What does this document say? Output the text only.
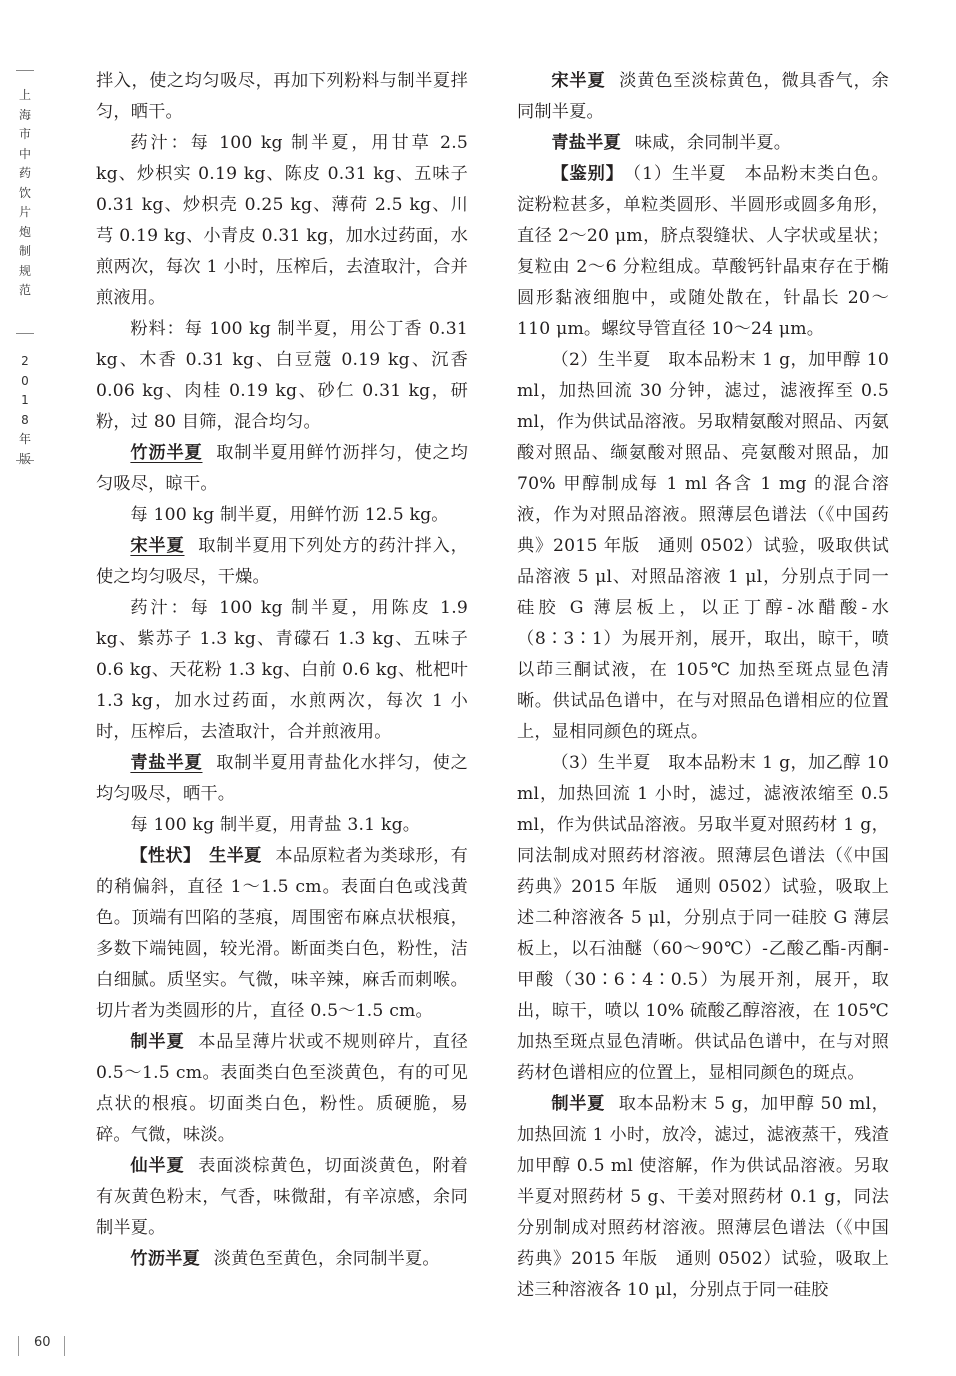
上
海
市
中
药
饮
片
炮
制
规
范
2
0
1
8
年
版

拌入，使之均匀吸尽，再加下列粉料与制半夏拌匀，晒干。

药汁：每 100 kg 制半夏，用甘草 2.5 kg、炒枳实 0.19 kg、陈皮 0.31 kg、五味子 0.31 kg、炒枳壳 0.25 kg、薄荷 2.5 kg、川芎 0.19 kg、小青皮 0.31 kg，加水过药面，水煎两次，每次 1 小时，压榨后，去渣取汁，合并煎液用。

粉料：每 100 kg 制半夏，用公丁香 0.31 kg、木香 0.31 kg、白豆蔻 0.19 kg、沉香 0.06 kg、肉桂 0.19 kg、砂仁 0.31 kg，研粉，过 80 目筛，混合均匀。

竹沥半夏 取制半夏用鲜竹沥拌匀，使之均匀吸尽，晾干。

每 100 kg 制半夏，用鲜竹沥 12.5 kg。

宋半夏 取制半夏用下列处方的药汁拌入，使之均匀吸尽，干燥。

药汁：每 100 kg 制半夏，用陈皮 1.9 kg、紫苏子 1.3 kg、青礞石 1.3 kg、五味子 0.6 kg、天花粉 1.3 kg、白前 0.6 kg、枇杷叶 1.3 kg，加水过药面，水煎两次，每次 1 小时，压榨后，去渣取汁，合并煎液用。

青盐半夏 取制半夏用青盐化水拌匀，使之均匀吸尽，晒干。

每 100 kg 制半夏，用青盐 3.1 kg。

【性状】 生半夏 本品原粒者为类球形，有的稍偏斜，直径 1～1.5 cm。表面白色或浅黄色。顶端有凹陷的茎痕，周围密布麻点状根痕，多数下端钝圆，较光滑。断面类白色，粉性，洁白细腻。质坚实。气微，味辛辣，麻舌而刺喉。切片者为类圆形的片，直径 0.5～1.5 cm。

制半夏 本品呈薄片状或不规则碎片，直径 0.5～1.5 cm。表面类白色至淡黄色，有的可见点状的根痕。切面类白色，粉性。质硬脆，易碎。气微，味淡。

仙半夏 表面淡棕黄色，切面淡黄色，附着有灰黄色粉末，气香，味微甜，有辛凉感，余同制半夏。

竹沥半夏 淡黄色至黄色，余同制半夏。

宋半夏 淡黄色至淡棕黄色，微具香气，余同制半夏。

青盐半夏 味咸，余同制半夏。

【鉴别】 （1）生半夏　本品粉末类白色。淀粉粒甚多，单粒类圆形、半圆形或圆多角形，直径 2～20 μm，脐点裂缝状、人字状或星状；复粒由 2～6 分粒组成。草酸钙针晶束存在于椭圆形黏液细胞中，或随处散在，针晶长 20～110 μm。螺纹导管直径 10～24 μm。

（2）生半夏　取本品粉末 1 g，加甲醇 10 ml，加热回流 30 分钟，滤过，滤液挥至 0.5 ml，作为供试品溶液。另取精氨酸对照品、丙氨酸对照品、缬氨酸对照品、亮氨酸对照品，加 70% 甲醇制成每 1 ml 各含 1 mg 的混合溶液，作为对照品溶液。照薄层色谱法（《中国药典》2015 年版　通则 0502）试验，吸取供试品溶液 5 μl、对照品溶液 1 μl，分别点于同一硅胶 G 薄层板上，以正丁醇-冰醋酸-水（8∶3∶1）为展开剂，展开，取出，晾干，喷以茚三酮试液，在 105℃ 加热至斑点显色清晰。供试品色谱中，在与对照品色谱相应的位置上，显相同颜色的斑点。

（3）生半夏　取本品粉末 1 g，加乙醇 10 ml，加热回流 1 小时，滤过，滤液浓缩至 0.5 ml，作为供试品溶液。另取半夏对照药材 1 g，同法制成对照药材溶液。照薄层色谱法（《中国药典》2015 年版　通则 0502）试验，吸取上述二种溶液各 5 μl，分别点于同一硅胶 G 薄层板上，以石油醚（60～90℃）-乙酸乙酯-丙酮-甲酸（30∶6∶4∶0.5）为展开剂，展开，取出，晾干，喷以 10% 硫酸乙醇溶液，在 105℃ 加热至斑点显色清晰。供试品色谱中，在与对照药材色谱相应的位置上，显相同颜色的斑点。

制半夏 取本品粉末 5 g，加甲醇 50 ml，加热回流 1 小时，放冷，滤过，滤液蒸干，残渣加甲醇 0.5 ml 使溶解，作为供试品溶液。另取半夏对照药材 5 g、干姜对照药材 0.1 g，同法分别制成对照药材溶液。照薄层色谱法（《中国药典》2015 年版　通则 0502）试验，吸取上述三种溶液各 10 μl，分别点于同一硅胶

60
